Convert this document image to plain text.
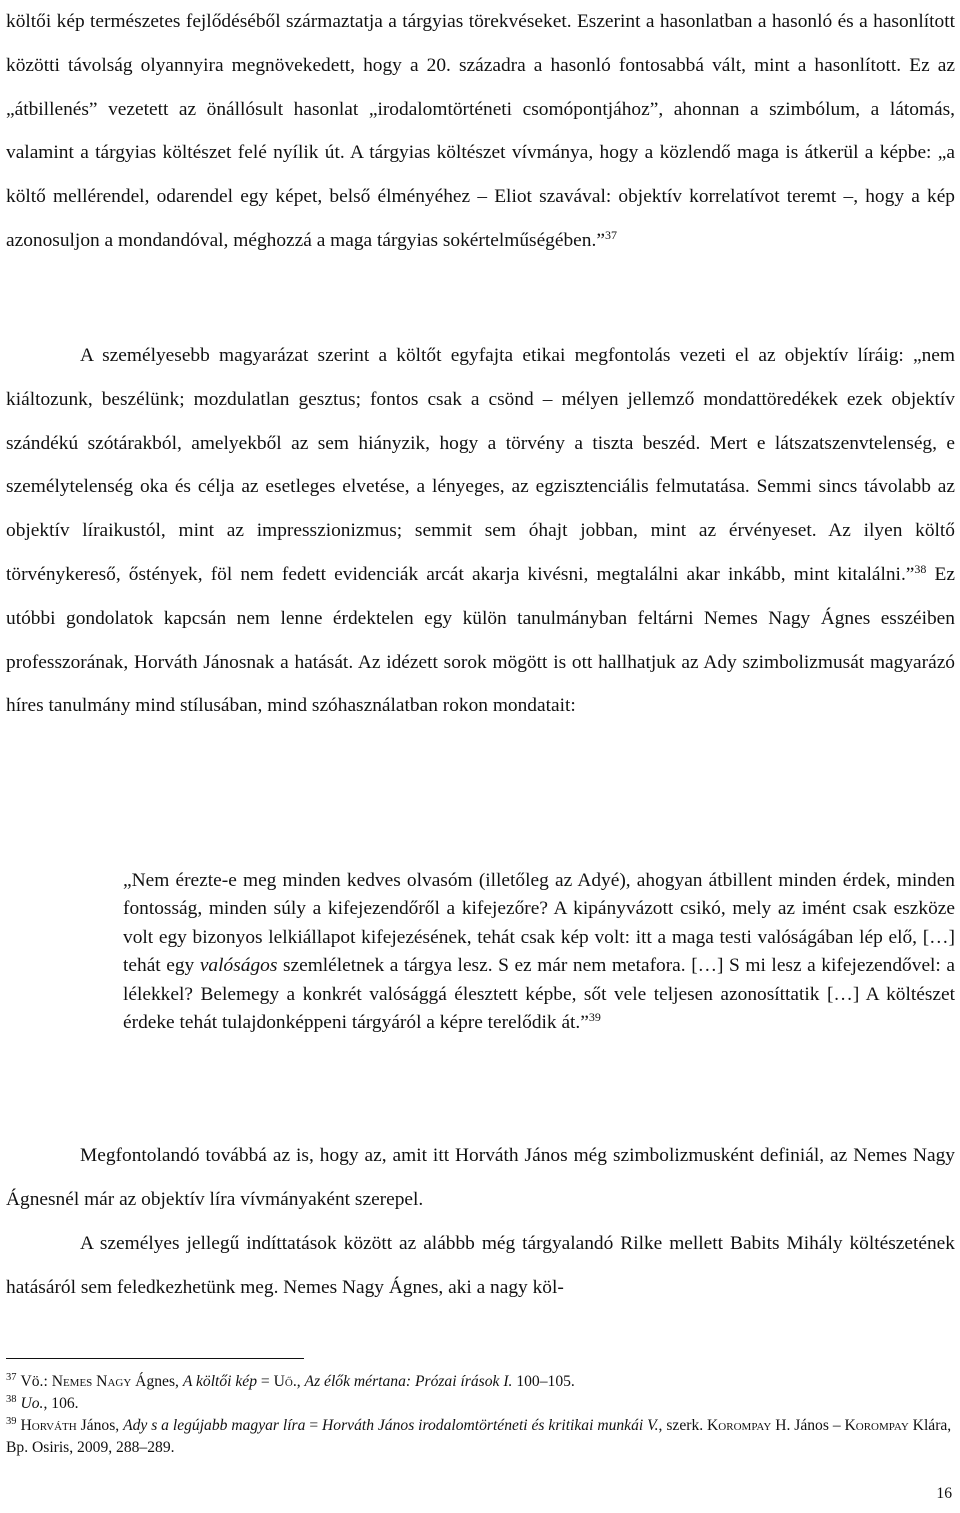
költői kép természetes fejlődéséből származtatja a tárgyias törekvéseket. Eszerint a hasonlatban a hasonló és a hasonlított közötti távolság olyannyira megnövekedett, hogy a 20. századra a hasonló fontosabbá vált, mint a hasonlított. Ez az „átbillenés” vezetett az önállósult hasonlat „irodalomtörténeti csomópontjához”, ahonnan a szimbólum, a látomás, valamint a tárgyias költészet felé nyílik út. A tárgyias költészet vívmánya, hogy a közlendő maga is átkerül a képbe: „a költő mellérendel, odarendel egy képet, belső élményéhez – Eliot szavával: objektív korrelatívot teremt –, hogy a kép azonosuljon a mondandóval, méghozzá a maga tárgyias sokértelműségében.”$^{37}$

A személyesebb magyarázat szerint a költőt egyfajta etikai megfontolás vezeti el az objektív líráig: „nem kiáltozunk, beszélünk; mozdulatlan gesztus; fontos csak a csönd – mélyen jellemző mondattöredékek ezek objektív szándékú szótárakból, amelyekből az sem hiányzik, hogy a törvény a tiszta beszéd. Mert e látszatszenvtelenség, e személytelenség oka és célja az esetleges elvetése, a lényeges, az egzisztenciális felmutatása. Semmi sincs távolabb az objektív líraikustól, mint az impresszionizmus; semmit sem óhajt jobban, mint az érvényeset. Az ilyen költő törvénykereső, őstények, föl nem fedett evidenciák arcát akarja kivésni, megtalálni akar inkább, mint kitalálni.”$^{38}$ Ez utóbbi gondolatok kapcsán nem lenne érdektelen egy külön tanulmányban feltárni Nemes Nagy Ágnes esszéiben professzorának, Horváth Jánosnak a hatását. Az idézett sorok mögött is ott hallhatjuk az Ady szimbolizmusát magyarázó híres tanulmány mind stílusában, mind szóhasználatban rokon mondatait:

„Nem érezte-e meg minden kedves olvasóm (illetőleg az Adyé), ahogyan átbillent minden érdek, minden fontosság, minden súly a kifejezendőről a kifejezőre? A kipányvázott csikó, mely az imént csak eszköze volt egy bizonyos lelkiállapot kifejezésének, tehát csak kép volt: itt a maga testi valóságában lép elő, […] tehát egy valóságos szemléletnek a tárgya lesz. S ez már nem metafora. […] S mi lesz a kifejezendővel: a lélekkel? Belemegy a konkrét valósággá élesztett képbe, sőt vele teljesen azonosíttatik […] A költészet érdeke tehát tulajdonképpeni tárgyáról a képre terelődik át.”$^{39}$

Megfontolandó továbbá az is, hogy az, amit itt Horváth János még szimbolizmusként definiál, az Nemes Nagy Ágnesnél már az objektív líra vívmányaként szerepel.

A személyes jellegű indíttatások között az alábbb még tárgyalandó Rilke mellett Babits Mihály költészetének hatásáról sem feledkezhetünk meg. Nemes Nagy Ágnes, aki a nagy köl-

$^{37}$ Vö.: Nemes Nagy Ágnes, A költői kép = Uő., Az élők mértana: Prózai írások I. 100–105.

$^{38}$ Uo., 106.

$^{39}$ Horváth János, Ady s a legújabb magyar líra = Horváth János irodalomtörténeti és kritikai munkái V., szerk. Korompay H. János – Korompay Klára, Bp. Osiris, 2009, 288–289.

16
